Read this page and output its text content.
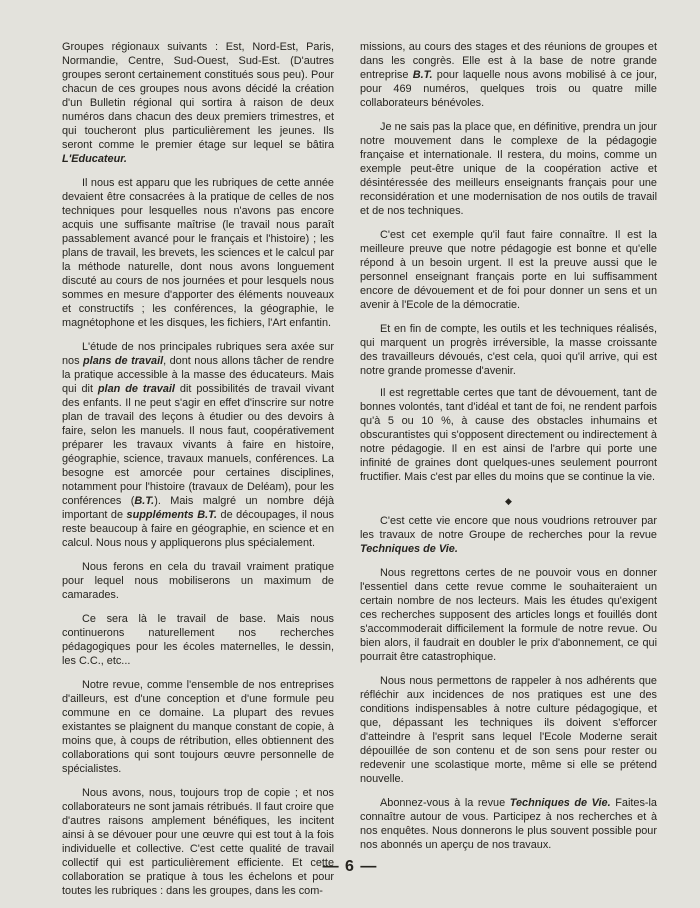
Groupes régionaux suivants : Est, Nord-Est, Paris, Normandie, Centre, Sud-Ouest, Sud-Est. (D'autres groupes seront certainement constitués sous peu). Pour chacun de ces groupes nous avons décidé la création d'un Bulletin régional qui sortira à raison de deux numéros dans chacun des deux premiers trimestres, et qui toucheront plus particulièrement les jeunes. Ils seront comme le premier étage sur lequel se bâtira L'Educateur.

Il nous est apparu que les rubriques de cette année devaient être consacrées à la pratique de celles de nos techniques pour lesquelles nous n'avons pas encore acquis une suffisante maîtrise (le travail nous paraît passablement avancé pour le français et l'histoire) ; les plans de travail, les brevets, les sciences et le calcul par la méthode naturelle, dont nous avons longuement discuté au cours de nos journées et pour lesquels nous sommes en mesure d'apporter des éléments nouveaux et constructifs ; les conférences, la géographie, le magnétophone et les disques, les fichiers, l'Art enfantin.

L'étude de nos principales rubriques sera axée sur nos plans de travail, dont nous allons tâcher de rendre la pratique accessible à la masse des éducateurs. Mais qui dit plan de travail dit possibilités de travail vivant des enfants. Il ne peut s'agir en effet d'inscrire sur notre plan de travail des leçons à étudier ou des devoirs à faire, selon les manuels. Il nous faut, coopérativement préparer les travaux vivants à faire en histoire, géographie, science, travaux manuels, conférences. La besogne est amorcée pour certaines disciplines, notamment pour l'histoire (travaux de Deléam), pour les conférences (B.T.). Mais malgré un nombre déjà important de suppléments B.T. de découpages, il nous reste beaucoup à faire en géographie, en science et en calcul. Nous nous y appliquerons plus spécialement.

Nous ferons en cela du travail vraiment pratique pour lequel nous mobiliserons un maximum de camarades.

Ce sera là le travail de base. Mais nous continuerons naturellement nos recherches pédagogiques pour les écoles maternelles, le dessin, les C.C., etc...

Notre revue, comme l'ensemble de nos entreprises d'ailleurs, est d'une conception et d'une formule peu commune en ce domaine. La plupart des revues existantes se plaignent du manque constant de copie, à moins que, à coups de rétribution, elles obtiennent des collaborations qui sont toujours œuvre personnelle de spécialistes.

Nous avons, nous, toujours trop de copie ; et nos collaborateurs ne sont jamais rétribués. Il faut croire que d'autres raisons amplement bénéfiques, les incitent ainsi à se dévouer pour une œuvre qui est tout à la fois individuelle et collective. C'est cette qualité de travail collectif qui est particulièrement efficiente. Et cette collaboration se pratique à tous les échelons et pour toutes les rubriques : dans les groupes, dans les com-

missions, au cours des stages et des réunions de groupes et dans les congrès. Elle est à la base de notre grande entreprise B.T. pour laquelle nous avons mobilisé à ce jour, pour 469 numéros, quelques trois ou quatre mille collaborateurs bénévoles.

Je ne sais pas la place que, en définitive, prendra un jour notre mouvement dans le complexe de la pédagogie française et internationale. Il restera, du moins, comme un exemple peut-être unique de la coopération active et désintéressée des meilleurs enseignants français pour une reconsidération et une modernisation de nos outils de travail et de nos techniques.

C'est cet exemple qu'il faut faire connaître. Il est la meilleure preuve que notre pédagogie est bonne et qu'elle répond à un besoin urgent. Il est la preuve aussi que le personnel enseignant français porte en lui suffisamment encore de dévouement et de foi pour donner un sens et un avenir à l'Ecole de la démocratie.

Et en fin de compte, les outils et les techniques réalisés, qui marquent un progrès irréversible, la masse croissante des travailleurs dévoués, c'est cela, quoi qu'il arrive, qui est notre grande promesse d'avenir.

Il est regrettable certes que tant de dévouement, tant de bonnes volontés, tant d'idéal et tant de foi, ne rendent parfois qu'à 5 ou 10 %, à cause des obstacles inhumains et obscurantistes qui s'opposent directement ou indirectement à notre pédagogie. Il en est ainsi de l'arbre qui porte une infinité de graines dont quelques-unes seulement pourront fructifier. Mais c'est par elles du moins que se continue la vie.

◆

C'est cette vie encore que nous voudrions retrouver par les travaux de notre Groupe de recherches pour la revue Techniques de Vie.

Nous regrettons certes de ne pouvoir vous en donner l'essentiel dans cette revue comme le souhaiteraient un certain nombre de nos lecteurs. Mais les études qu'exigent ces recherches supposent des articles longs et fouillés dont s'accommoderait difficilement la formule de notre revue. Ou bien alors, il faudrait en doubler le prix d'abonnement, ce qui pourrait être catastrophique.

Nous nous permettons de rappeler à nos adhérents que réfléchir aux incidences de nos pratiques est une des conditions indispensables à notre culture pédagogique, et que, dépassant les techniques ils doivent s'efforcer d'atteindre à l'esprit sans lequel l'Ecole Moderne serait dépouillée de son contenu et de son sens pour rester ou redevenir une scolastique morte, même si elle se prétend nouvelle.

Abonnez-vous à la revue Techniques de Vie. Faites-la connaître autour de vous. Participez à nos recherches et à nos enquêtes. Nous donnerons le plus souvent possible pour nos abonnés un aperçu de nos travaux.

— 6 —
